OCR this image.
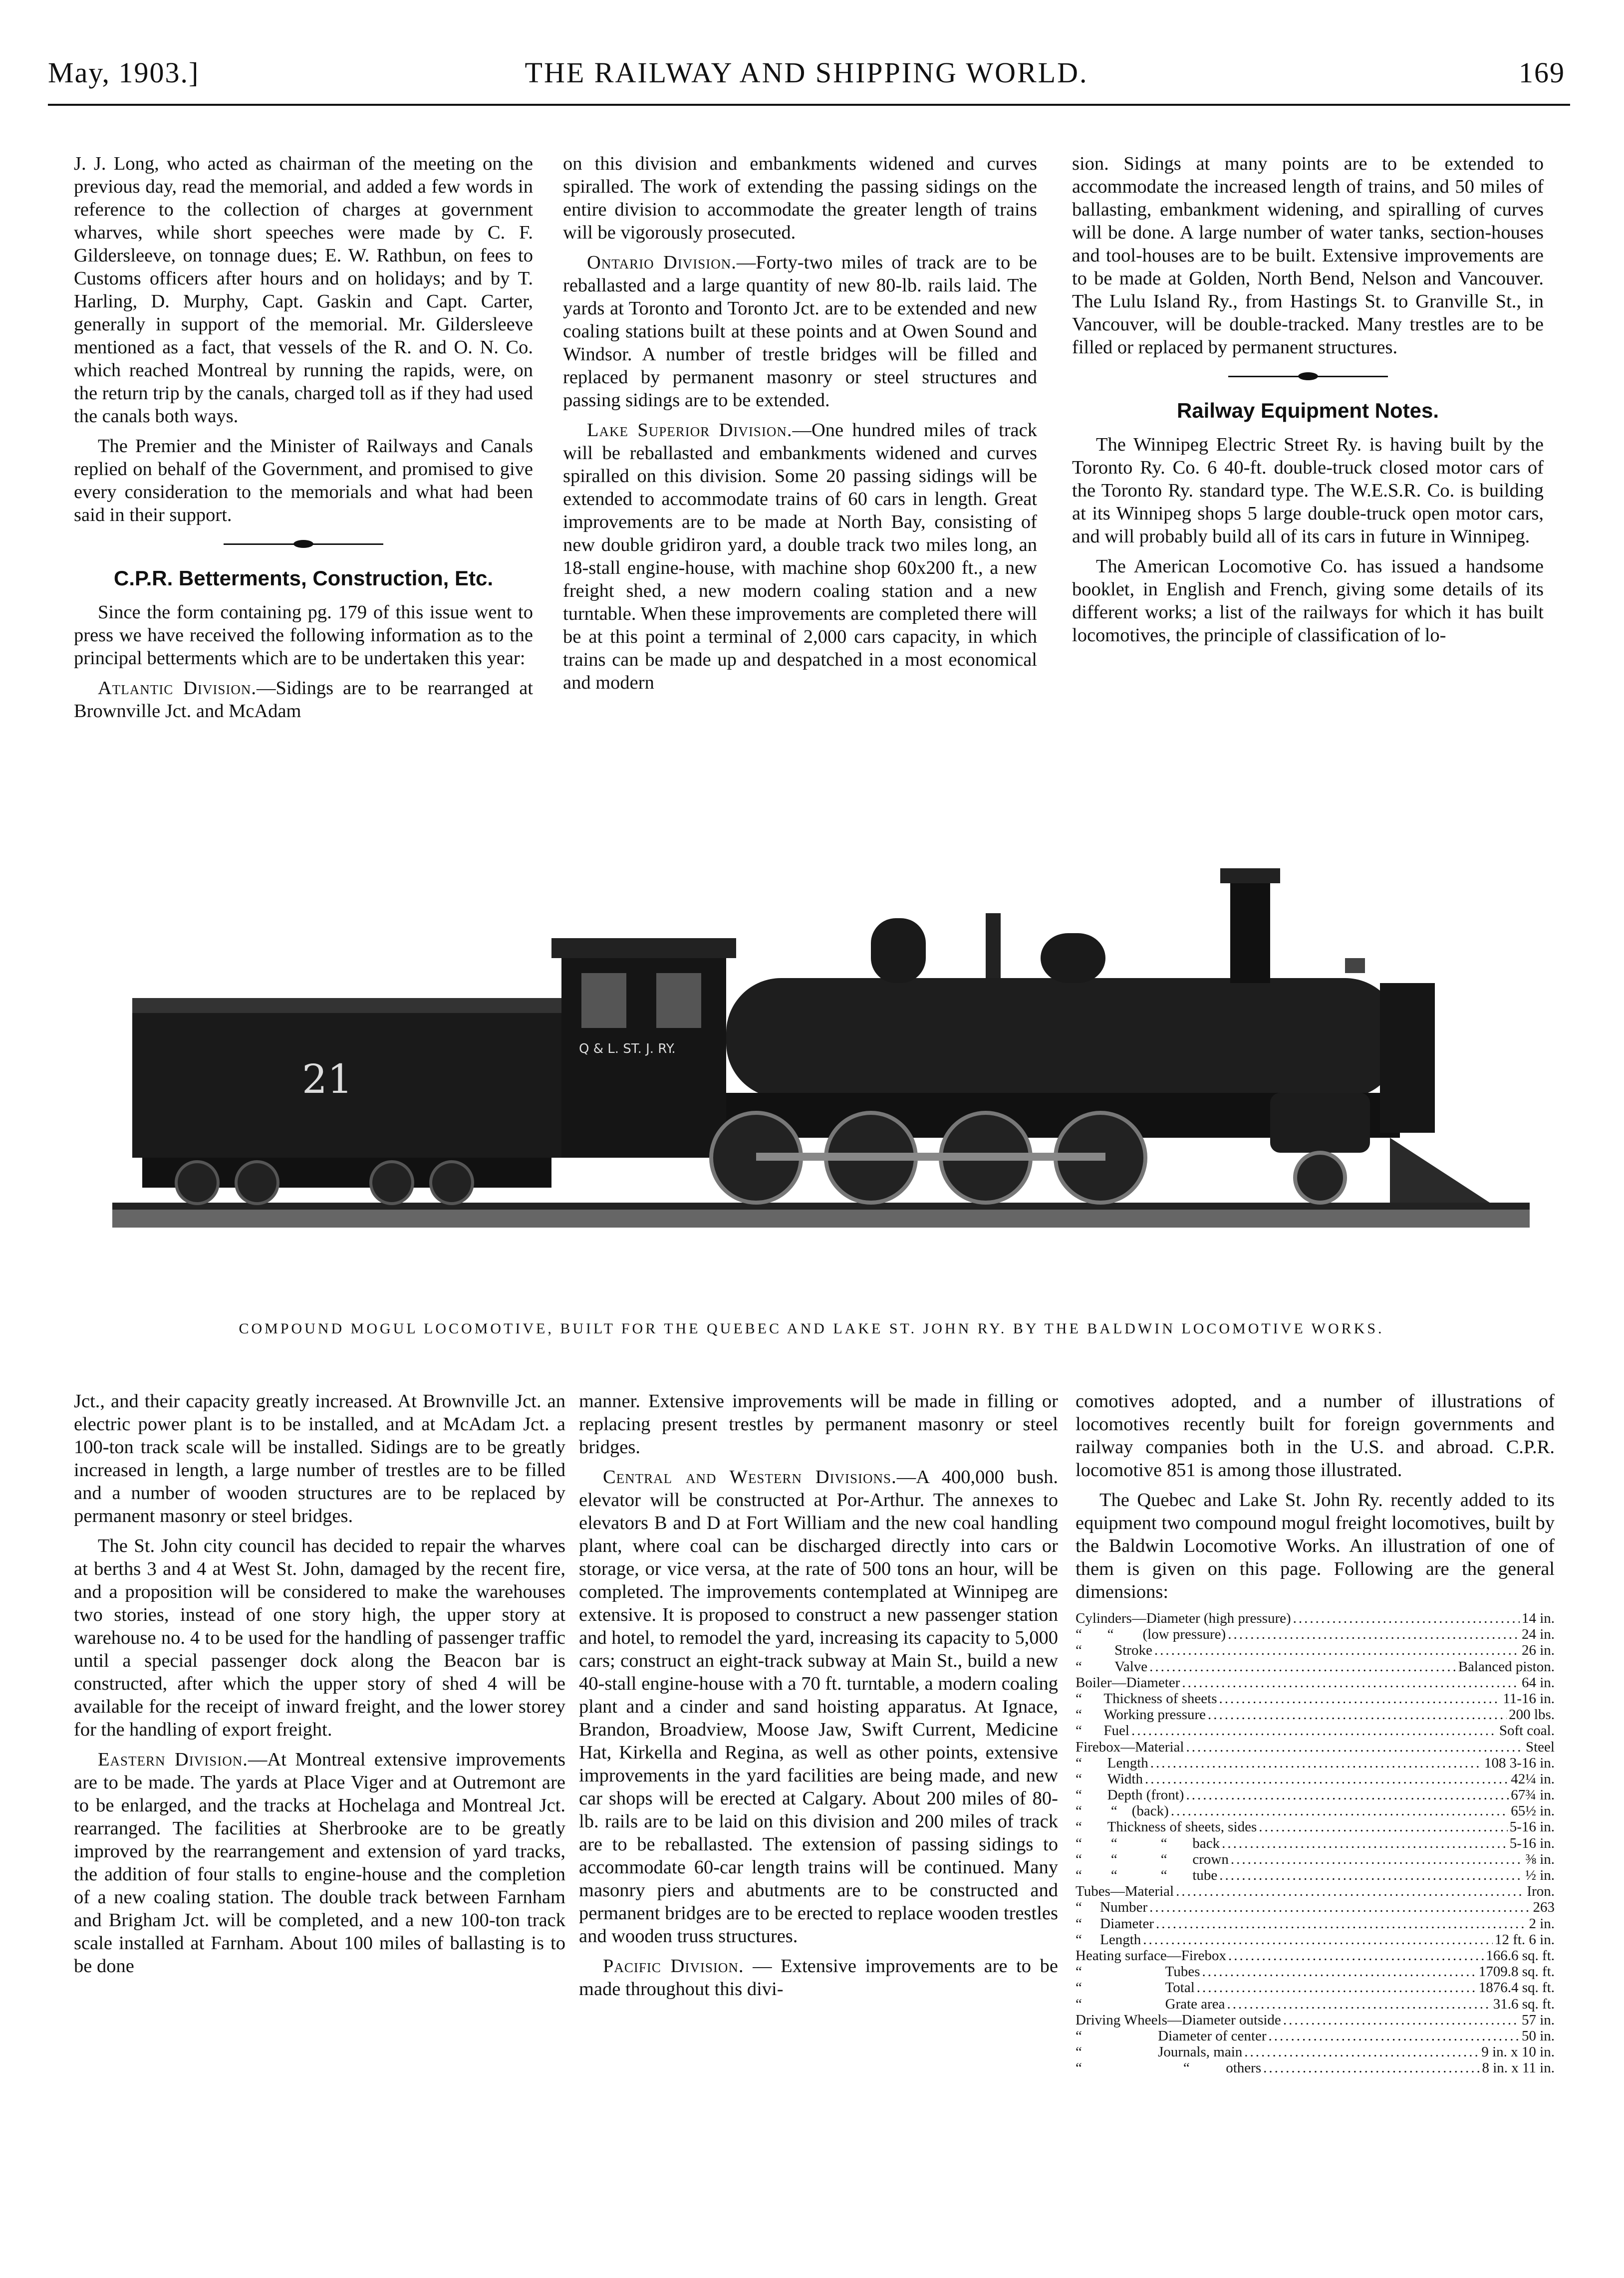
May, 1903.]	THE RAILWAY AND SHIPPING WORLD.	169

J. J. Long, who acted as chairman of the meeting on the previous day, read the memorial, and added a few words in reference to the collection of charges at government wharves, while short speeches were made by C. F. Gildersleeve, on tonnage dues; E. W. Rathbun, on fees to Customs officers after hours and on holidays; and by T. Harling, D. Murphy, Capt. Gaskin and Capt. Carter, generally in support of the memorial. Mr. Gildersleeve mentioned as a fact, that vessels of the R. and O. N. Co. which reached Montreal by running the rapids, were, on the return trip by the canals, charged toll as if they had used the canals both ways.

The Premier and the Minister of Railways and Canals replied on behalf of the Government, and promised to give every consideration to the memorials and what had been said in their support.

C.P.R. Betterments, Construction, Etc.

Since the form containing pg. 179 of this issue went to press we have received the following information as to the principal betterments which are to be undertaken this year:

Atlantic Division.—Sidings are to be rearranged at Brownville Jct. and McAdam

on this division and embankments widened and curves spiralled. The work of extending the passing sidings on the entire division to accommodate the greater length of trains will be vigorously prosecuted.

Ontario Division.—Forty-two miles of track are to be reballasted and a large quantity of new 80-lb. rails laid. The yards at Toronto and Toronto Jct. are to be extended and new coaling stations built at these points and at Owen Sound and Windsor. A number of trestle bridges will be filled and replaced by permanent masonry or steel structures and passing sidings are to be extended.

Lake Superior Division.—One hundred miles of track will be reballasted and embankments widened and curves spiralled on this division. Some 20 passing sidings will be extended to accommodate trains of 60 cars in length. Great improvements are to be made at North Bay, consisting of new double gridiron yard, a double track two miles long, an 18-stall engine-house, with machine shop 60x200 ft., a new freight shed, a new modern coaling station and a new turntable. When these improvements are completed there will be at this point a terminal of 2,000 cars capacity, in which trains can be made up and despatched in a most economical and modern

sion. Sidings at many points are to be extended to accommodate the increased length of trains, and 50 miles of ballasting, embankment widening, and spiralling of curves will be done. A large number of water tanks, section-houses and tool-houses are to be built. Extensive improvements are to be made at Golden, North Bend, Nelson and Vancouver. The Lulu Island Ry., from Hastings St. to Granville St., in Vancouver, will be double-tracked. Many trestles are to be filled or replaced by permanent structures.

Railway Equipment Notes.

The Winnipeg Electric Street Ry. is having built by the Toronto Ry. Co. 6 40-ft. double-truck closed motor cars of the Toronto Ry. standard type. The W.E.S.R. Co. is building at its Winnipeg shops 5 large double-truck open motor cars, and will probably build all of its cars in future in Winnipeg.

The American Locomotive Co. has issued a handsome booklet, in English and French, giving some details of its different works; a list of the railways for which it has built locomotives, the principle of classification of lo-

21
Q & L. ST. J. RY.
COMPOUND MOGUL LOCOMOTIVE, BUILT FOR THE QUEBEC AND LAKE ST. JOHN RY. BY THE BALDWIN LOCOMOTIVE WORKS.

Jct., and their capacity greatly increased. At Brownville Jct. an electric power plant is to be installed, and at McAdam Jct. a 100-ton track scale will be installed. Sidings are to be greatly increased in length, a large number of trestles are to be filled and a number of wooden structures are to be replaced by permanent masonry or steel bridges.

The St. John city council has decided to repair the wharves at berths 3 and 4 at West St. John, damaged by the recent fire, and a proposition will be considered to make the warehouses two stories, instead of one story high, the upper story at warehouse no. 4 to be used for the handling of passenger traffic until a special passenger dock along the Beacon bar is constructed, after which the upper story of shed 4 will be available for the receipt of inward freight, and the lower storey for the handling of export freight.

Eastern Division.—At Montreal extensive improvements are to be made. The yards at Place Viger and at Outremont are to be enlarged, and the tracks at Hochelaga and Montreal Jct. rearranged. The facilities at Sherbrooke are to be greatly improved by the rearrangement and extension of yard tracks, the addition of four stalls to engine-house and the completion of a new coaling station. The double track between Farnham and Brigham Jct. will be completed, and a new 100-ton track scale installed at Farnham. About 100 miles of ballasting is to be done

manner. Extensive improvements will be made in filling or replacing present trestles by permanent masonry or steel bridges.

Central and Western Divisions.—A 400,000 bush. elevator will be constructed at Por-Arthur. The annexes to elevators B and D at Fort William and the new coal handling plant, where coal can be discharged directly into cars or storage, or vice versa, at the rate of 500 tons an hour, will be completed. The improvements contemplated at Winnipeg are extensive. It is proposed to construct a new passenger station and hotel, to remodel the yard, increasing its capacity to 5,000 cars; construct an eight-track subway at Main St., build a new 40-stall engine-house with a 70 ft. turntable, a modern coaling plant and a cinder and sand hoisting apparatus. At Ignace, Brandon, Broadview, Moose Jaw, Swift Current, Medicine Hat, Kirkella and Regina, as well as other points, extensive improvements in the yard facilities are being made, and new car shops will be erected at Calgary. About 200 miles of 80-lb. rails are to be laid on this division and 200 miles of track are to be reballasted. The extension of passing sidings to accommodate 60-car length trains will be continued. Many masonry piers and abutments are to be constructed and permanent bridges are to be erected to replace wooden trestles and wooden truss structures.

Pacific Division. — Extensive improvements are to be made throughout this divi-

comotives adopted, and a number of illustrations of locomotives recently built for foreign governments and railway companies both in the U.S. and abroad. C.P.R. locomotive 851 is among those illustrated.

The Quebec and Lake St. John Ry. recently added to its equipment two compound mogul freight locomotives, built by the Baldwin Locomotive Works. An illustration of one of them is given on this page. Following are the general dimensions:

Cylinders—Diameter (high pressure) .....	14 in.
“       “        (low pressure) .....	24 in.
“         Stroke .....	26 in.
“         Valve .....	Balanced piston.
Boiler—Diameter .....	64 in.
“      Thickness of sheets .....	11-16 in.
“      Working pressure .....	200 lbs.
“      Fuel .....	Soft coal.
Firebox—Material .....	Steel
“       Length .....	108 3-16 in.
“       Width .....	42¼ in.
“       Depth (front) .....	67¾ in.
“        “    (back) .....	65½ in.
“       Thickness of sheets, sides .....	5-16 in.
“        “            “       back .....	5-16 in.
“        “            “       crown .....	⅜ in.
“        “            “       tube .....	½ in.
Tubes—Material .....	Iron.
“     Number .....	263
“     Diameter .....	2 in.
“     Length .....	12 ft. 6 in.
Heating surface—Firebox .....	166.6 sq. ft.
“                       Tubes .....	1709.8 sq. ft.
“                       Total .....	1876.4 sq. ft.
“                       Grate area .....	31.6 sq. ft.
Driving Wheels—Diameter outside .....	57 in.
“                     Diameter of center .....	50 in.
“                     Journals, main .....	9 in. x 10 in.
“                            “          others .....	8 in. x 11 in.
